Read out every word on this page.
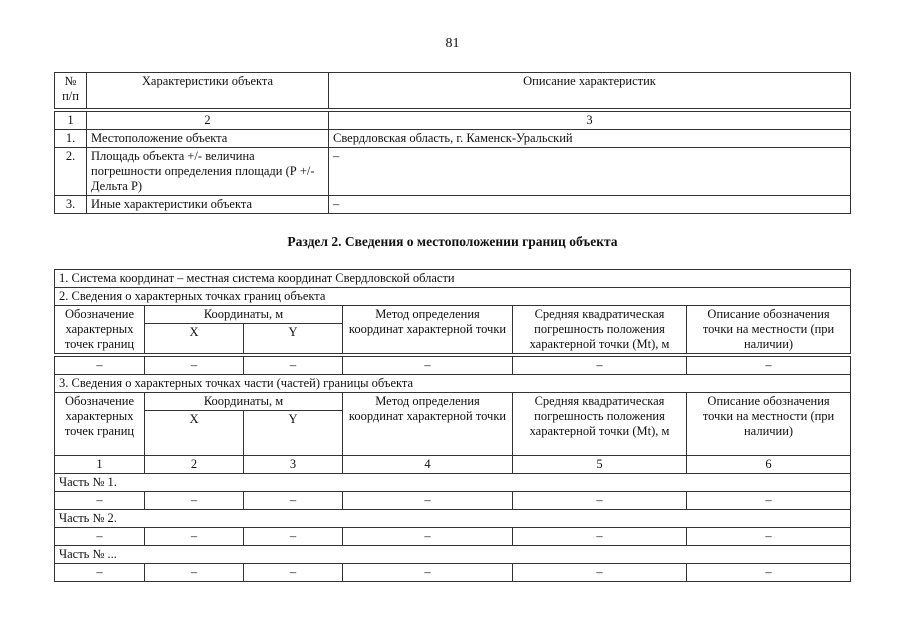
81
№ п/п	Характеристики объекта	Описание характеристик

1	2	3
1.	Местоположение объекта	Свердловская область, г. Каменск-Уральский
2.	Площадь объекта +/- величина погрешности определения площади (Р +/- Дельта Р)	–
3.	Иные характеристики объекта	–
Раздел 2. Сведения о местоположении границ объекта
1. Система координат – местная система координат Свердловской области					
2. Сведения о характерных точках границ объекта					
Обозначение характерных точек границ	Координаты, м		Метод определения координат характерной точки	Средняя квадратическая погрешность положения характерной точки (Mt), м	Описание обозначения точки на местности (при наличии)
	X	Y			

–	–	–	–	–	–
3. Сведения о характерных точках части (частей) границы объекта					
Обозначение характерных точек границ	Координаты, м		Метод определения координат характерной точки	Средняя квадратическая погрешность положения характерной точки (Mt), м	Описание обозначения точки на местности (при наличии)
	X	Y			
1	2	3	4	5	6
Часть № 1.					
–	–	–	–	–	–
Часть № 2.					
–	–	–	–	–	–
Часть № ...					
–	–	–	–	–	–
